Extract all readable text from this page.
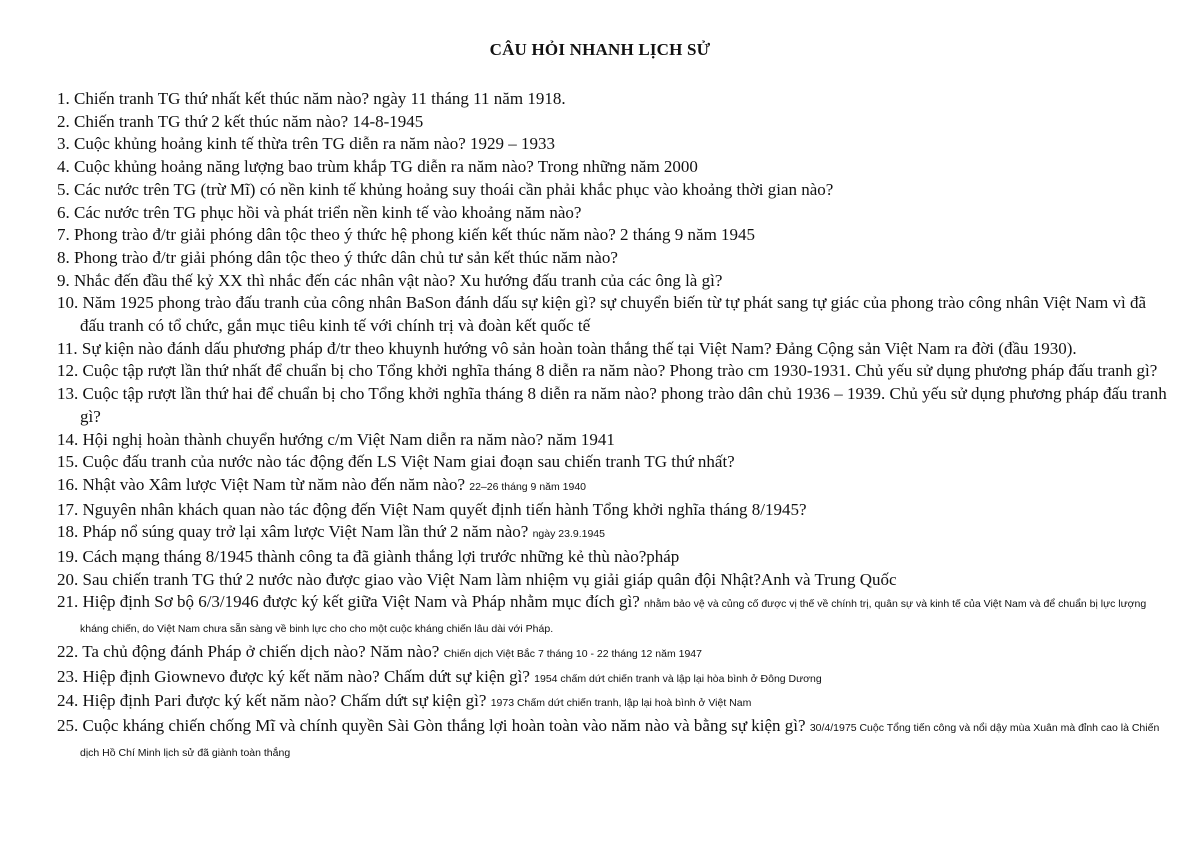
CÂU HỎI NHANH LỊCH SỬ

1. Chiến tranh TG thứ nhất kết thúc năm nào? ngày 11 tháng 11 năm 1918.

2. Chiến tranh TG thứ 2 kết thúc năm nào? 14-8-1945

3. Cuộc khủng hoảng kinh tế thừa trên TG diễn ra năm nào? 1929 – 1933

4. Cuộc khủng hoảng năng lượng bao trùm khắp TG diễn ra năm nào? Trong những năm 2000

5. Các nước trên TG (trừ Mĩ) có nền kinh tế khủng hoảng suy thoái cần phải khắc phục vào khoảng thời gian nào?

6. Các nước trên TG phục hồi và phát triển nền kinh tế vào khoảng năm nào?

7. Phong trào đ/tr giải phóng dân tộc theo ý thức hệ phong kiến kết thúc năm nào? 2 tháng 9 năm 1945

8. Phong trào đ/tr giải phóng dân tộc theo ý thức dân chủ tư sản kết thúc năm nào?

9. Nhắc đến đầu thế kỷ XX thì nhắc đến các nhân vật nào? Xu hướng đấu tranh của các ông là gì?

10. Năm 1925 phong trào đấu tranh của công nhân BaSon đánh dấu sự kiện gì? sự chuyển biến từ tự phát sang tự giác của phong trào công nhân Việt Nam vì đã đấu tranh có tổ chức, gắn mục tiêu kinh tế với chính trị và đoàn kết quốc tế

11. Sự kiện nào đánh dấu phương pháp đ/tr theo khuynh hướng vô sản hoàn toàn thắng thế tại Việt Nam? Đảng Cộng sản Việt Nam ra đời (đầu 1930).

12. Cuộc tập rượt lần thứ nhất để chuẩn bị cho Tổng khởi nghĩa tháng 8 diễn ra năm nào? Phong trào cm 1930-1931. Chủ yếu sử dụng phương pháp đấu tranh gì?

13. Cuộc tập rượt lần thứ hai để chuẩn bị cho Tổng khởi nghĩa tháng 8 diễn ra năm nào? phong trào dân chủ 1936 – 1939. Chủ yếu sử dụng phương pháp đấu tranh gì?

14. Hội nghị hoàn thành chuyển hướng c/m Việt Nam diễn ra năm nào? năm 1941

15. Cuộc đấu tranh của nước nào tác động đến LS Việt Nam giai đoạn sau chiến tranh TG thứ nhất?

16. Nhật vào Xâm lược Việt Nam từ năm nào đến năm nào? 22–26 tháng 9 năm 1940

17. Nguyên nhân khách quan nào tác động đến Việt Nam quyết định tiến hành Tổng khởi nghĩa tháng 8/1945?

18. Pháp nổ súng quay trở lại xâm lược Việt Nam lần thứ 2 năm nào? ngày 23.9.1945

19. Cách mạng tháng 8/1945 thành công ta đã giành thắng lợi trước những kẻ thù nào?pháp

20. Sau chiến tranh TG thứ 2 nước nào được giao vào Việt Nam làm nhiệm vụ giải giáp quân đội Nhật?Anh và Trung Quốc

21. Hiệp định Sơ bộ 6/3/1946 được ký kết giữa Việt Nam và Pháp nhằm mục đích gì? nhằm bảo vệ và củng cố được vị thế về chính trị, quân sự và kinh tế của Việt Nam và để chuẩn bị lực lượng kháng chiến, do Việt Nam chưa sẵn sàng về binh lực cho cho một cuộc kháng chiến lâu dài với Pháp.

22. Ta chủ động đánh Pháp ở chiến dịch nào? Năm nào? Chiến dịch Việt Bắc 7 tháng 10 - 22 tháng 12 năm 1947

23. Hiệp định Giownevo được ký kết năm nào? Chấm dứt sự kiện gì? 1954 chấm dứt chiến tranh và lập lại hòa bình ở Đông Dương

24. Hiệp định Pari được ký kết năm nào? Chấm dứt sự kiện gì? 1973 Chấm dứt chiến tranh, lập lại hoà bình ở Việt Nam

25. Cuộc kháng chiến chống Mĩ và chính quyền Sài Gòn thắng lợi hoàn toàn vào năm nào và bằng sự kiện gì? 30/4/1975 Cuộc Tổng tiến công và nổi dậy mùa Xuân mà đỉnh cao là Chiến dịch Hồ Chí Minh lịch sử đã giành toàn thắng
